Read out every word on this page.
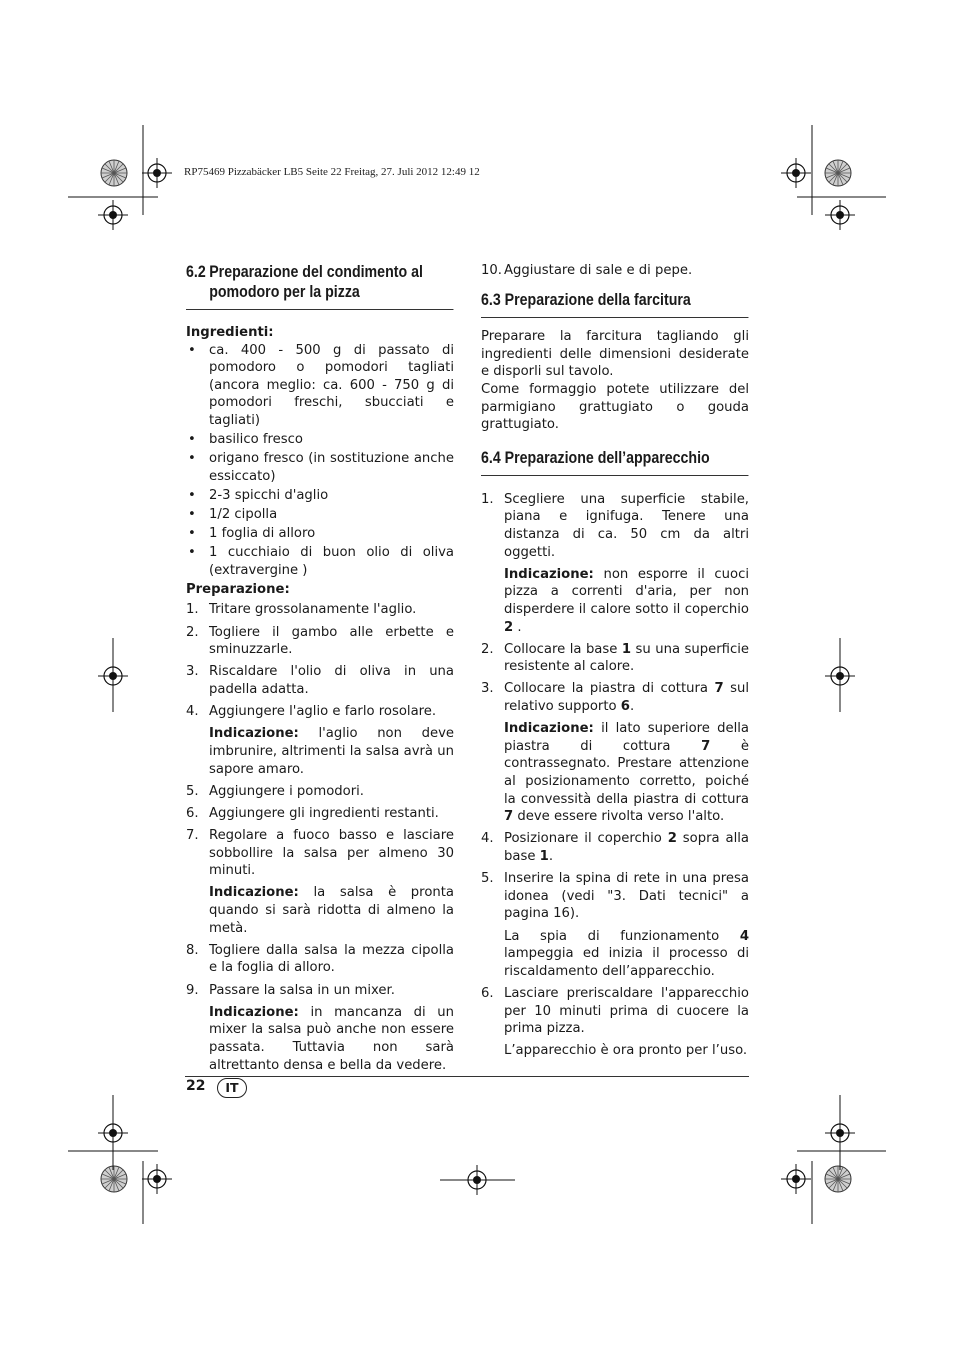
RP75469 Pizzabäcker LB5 Seite 22 Freitag, 27. Juli 2012 12:49 12
6.2 Preparazione del condimento al
pomodoro per la pizza

Ingredienti:

• ca. 400 - 500 g di passato di pomodoro o pomodori tagliati (ancora meglio: ca. 600 - 750 g di pomodori freschi, sbucciati e tagliati)
• basilico fresco
• origano fresco (in sostituzione anche essiccato)
• 2-3 spicchi d'aglio
• 1/2 cipolla
• 1 foglia di alloro
• 1 cucchiaio di buon olio di oliva (extravergine )

Preparazione:

1. Tritare grossolanamente l'aglio.
2. Togliere il gambo alle erbette e sminuzzarle.
3. Riscaldare l'olio di oliva in una padella adatta.
4. Aggiungere l'aglio e farlo rosolare.

Indicazione: l'aglio non deve imbrunire, altrimenti la salsa avrà un sapore amaro.

5. Aggiungere i pomodori.
6. Aggiungere gli ingredienti restanti.
7. Regolare a fuoco basso e lasciare sobbollire la salsa per almeno 30 minuti.

Indicazione: la salsa è pronta quando si sarà ridotta di almeno la metà.

8. Togliere dalla salsa la mezza cipolla e la foglia di alloro.
9. Passare la salsa in un mixer.

Indicazione: in mancanza di un mixer la salsa può anche non essere passata. Tuttavia non sarà altrettanto densa e bella da vedere.

10. Aggiustare di sale e di pepe.
6.3 Preparazione della farcitura

Preparare la farcitura tagliando gli ingredienti delle dimensioni desiderate e disporli sul tavolo.

Come formaggio potete utilizzare del parmigiano grattugiato o gouda grattugiato.

6.4 Preparazione dell’apparecchio
1. Scegliere una superficie stabile, piana e ignifuga. Tenere una distanza di ca. 50 cm da altri oggetti.

Indicazione: non esporre il cuoci pizza a correnti d'aria, per non disperdere il calore sotto il coperchio 2 .

2. Collocare la base 1 su una superficie resistente al calore.
3. Collocare la piastra di cottura 7 sul relativo supporto 6.

Indicazione: il lato superiore della piastra di cottura 7 è contrassegnato. Prestare attenzione al posizionamento corretto, poiché la convessità della piastra di cottura 7 deve essere rivolta verso l'alto.

4. Posizionare il coperchio 2 sopra alla base 1.
5. Inserire la spina di rete in una presa idonea (vedi "3. Dati tecnici" a pagina 16).

La spia di funzionamento 4 lampeggia ed inizia il processo di riscaldamento dell’apparecchio.

6. Lasciare preriscaldare l'apparecchio per 10 minuti prima di cuocere la prima pizza.

L’apparecchio è ora pronto per l’uso.

22	IT
